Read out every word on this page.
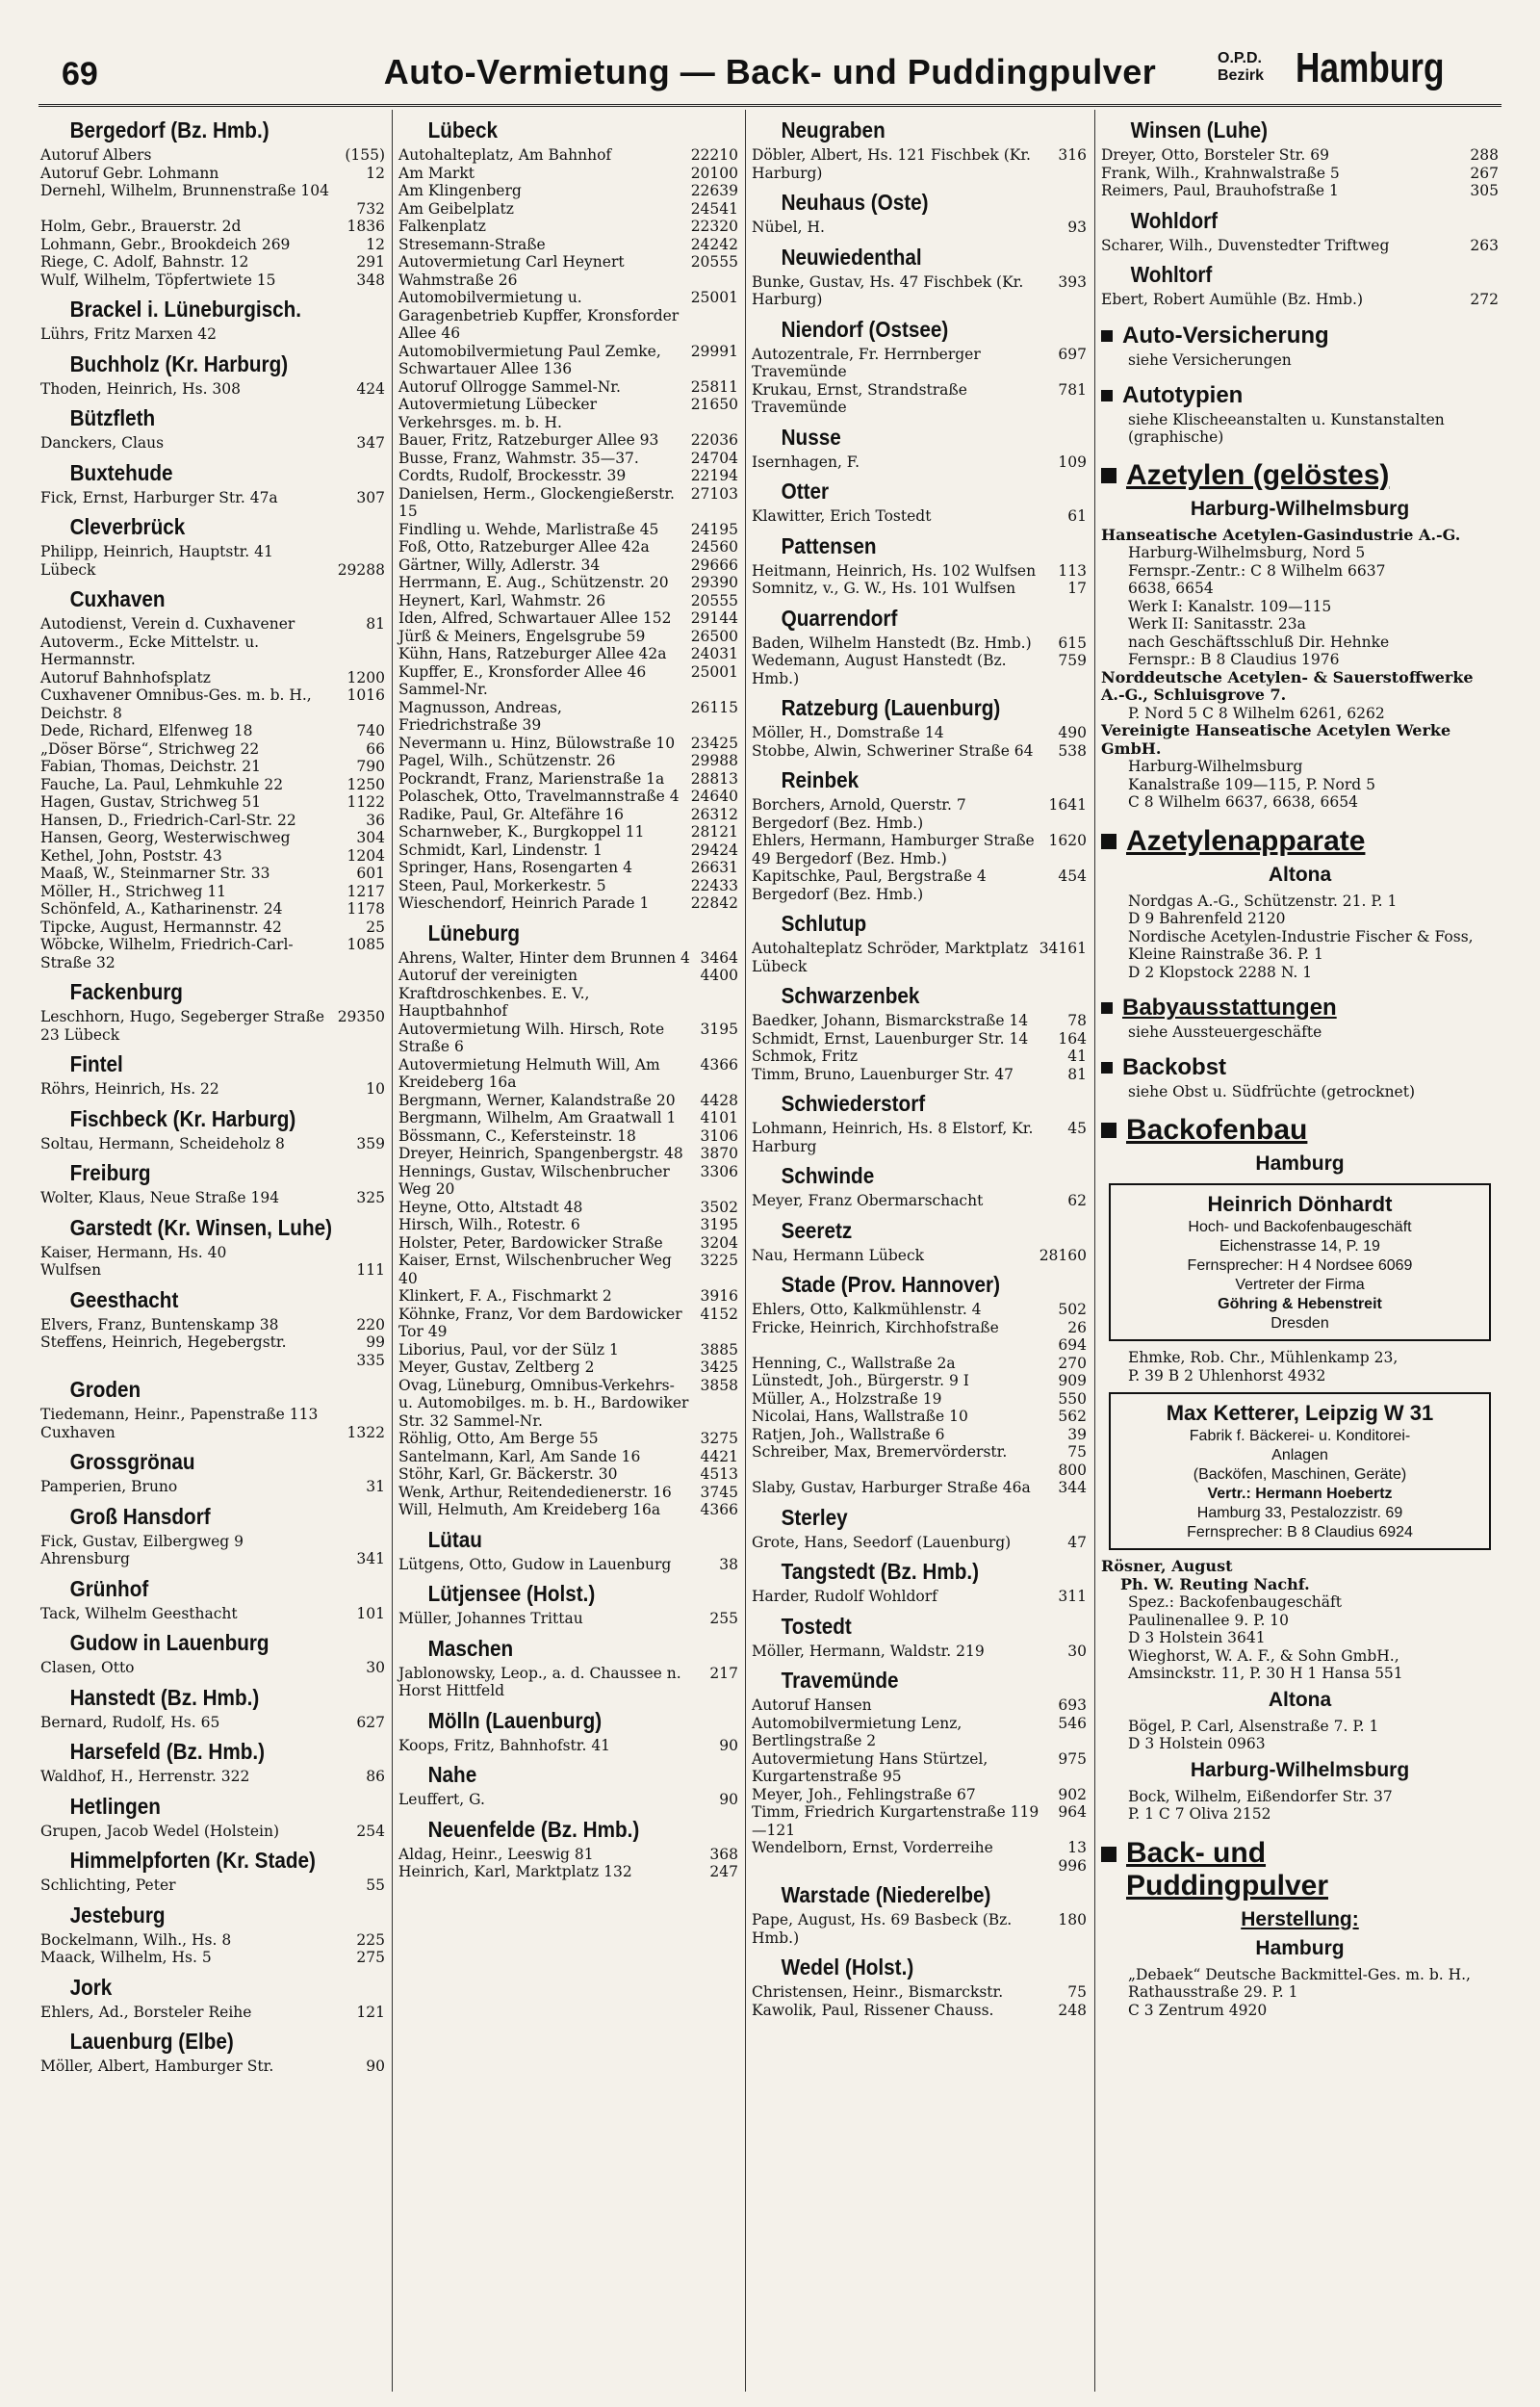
69	Auto-Vermietung — Back- und Puddingpulver	O.P.D.
Bezirk Hamburg
Bergedorf (Bz. Hmb.)
Autoruf Albers	(155)
Autoruf Gebr. Lohmann	12
Dernehl, Wilhelm, Brunnenstraße 104
732
Holm, Gebr., Brauerstr. 2d	1836
Lohmann, Gebr., Brookdeich 269	12
Riege, C. Adolf, Bahnstr. 12	291
Wulf, Wilhelm, Töpfertwiete 15	348
Brackel i. Lüneburgisch.
Lührs, Fritz Marxen 42
Buchholz (Kr. Harburg)
Thoden, Heinrich, Hs. 308	424
Bützfleth
Danckers, Claus	347
Buxtehude
Fick, Ernst, Harburger Str. 47a	307
Cleverbrück
Philipp, Heinrich, Hauptstr. 41
Lübeck	29288
Cuxhaven
Autodienst, Verein d. Cuxhavener Autoverm., Ecke Mittelstr. u. Hermannstr.
81
Autoruf Bahnhofsplatz	1200
Cuxhavener Omnibus-Ges. m. b. H., Deichstr. 8
1016
Dede, Richard, Elfenweg 18	740
„Döser Börse“, Strichweg 22	66
Fabian, Thomas, Deichstr. 21	790
Fauche, La. Paul, Lehmkuhle 22	1250
Hagen, Gustav, Strichweg 51	1122
Hansen, D., Friedrich-Carl-Str. 22	36
Hansen, Georg, Westerwischweg	304
Kethel, John, Poststr. 43	1204
Maaß, W., Steinmarner Str. 33	601
Möller, H., Strichweg 11	1217
Schönfeld, A., Katharinenstr. 24	1178
Tipcke, August, Hermannstr. 42	25
Wöbcke, Wilhelm, Friedrich-Carl-Straße 32
1085
Fackenburg
Leschhorn, Hugo, Segeberger Straße 23 Lübeck
29350
Fintel
Röhrs, Heinrich, Hs. 22	10
Fischbeck (Kr. Harburg)
Soltau, Hermann, Scheideholz 8	359
Freiburg
Wolter, Klaus, Neue Straße 194	325
Garstedt (Kr. Winsen, Luhe)
Kaiser, Hermann, Hs. 40
Wulfsen	111
Geesthacht
Elvers, Franz, Buntenskamp 38	220
Steffens, Heinrich, Hegebergstr.	99
335
Groden
Tiedemann, Heinr., Papenstraße 113
Cuxhaven	1322
Grossgrönau
Pamperien, Bruno	31
Groß Hansdorf
Fick, Gustav, Eilbergweg 9
Ahrensburg	341
Grünhof
Tack, Wilhelm Geesthacht	101
Gudow in Lauenburg
Clasen, Otto	30
Hanstedt (Bz. Hmb.)
Bernard, Rudolf, Hs. 65	627
Harsefeld (Bz. Hmb.)
Waldhof, H., Herrenstr. 322	86
Hetlingen
Grupen, Jacob Wedel (Holstein)	254
Himmelpforten (Kr. Stade)
Schlichting, Peter	55
Jesteburg
Bockelmann, Wilh., Hs. 8	225
Maack, Wilhelm, Hs. 5	275
Jork
Ehlers, Ad., Borsteler Reihe	121
Lauenburg (Elbe)
Möller, Albert, Hamburger Str.	90
Lübeck
Autohalteplatz, Am Bahnhof	22210
Am Markt	20100
Am Klingenberg	22639
Am Geibelplatz	24541
Falkenplatz	22320
Stresemann-Straße	24242
Autovermietung Carl Heynert Wahmstraße 26
20555
Automobilvermietung u. Garagenbetrieb Kupffer, Kronsforder Allee 46
25001
Automobilvermietung Paul Zemke, Schwartauer Allee 136
29991
Autoruf Ollrogge Sammel-Nr.	25811
Autovermietung Lübecker Verkehrsges. m. b. H.
21650
Bauer, Fritz, Ratzeburger Allee 93	22036
Busse, Franz, Wahmstr. 35—37.	24704
Cordts, Rudolf, Brockesstr. 39	22194
Danielsen, Herm., Glockengießerstr. 15
27103
Findling u. Wehde, Marlistraße 45	24195
Foß, Otto, Ratzeburger Allee 42a	24560
Gärtner, Willy, Adlerstr. 34	29666
Herrmann, E. Aug., Schützenstr. 20	29390
Heynert, Karl, Wahmstr. 26	20555
Iden, Alfred, Schwartauer Allee 152	29144
Jürß & Meiners, Engelsgrube 59	26500
Kühn, Hans, Ratzeburger Allee 42a	24031
Kupffer, E., Kronsforder Allee 46 Sammel-Nr.
25001
Magnusson, Andreas, Friedrichstraße 39
26115
Nevermann u. Hinz, Bülowstraße 10	23425
Pagel, Wilh., Schützenstr. 26	29988
Pockrandt, Franz, Marienstraße 1a	28813
Polaschek, Otto, Travelmannstraße 4 24640
Radike, Paul, Gr. Altefähre 16	26312
Scharnweber, K., Burgkoppel 11	28121
Schmidt, Karl, Lindenstr. 1	29424
Springer, Hans, Rosengarten 4	26631
Steen, Paul, Morkerkestr. 5	22433
Wieschendorf, Heinrich Parade 1	22842
Lüneburg
Ahrens, Walter, Hinter dem Brunnen 4 3464
Autoruf der vereinigten Kraftdroschkenbes. E. V., Hauptbahnhof
4400
Autovermietung Wilh. Hirsch, Rote Straße 6
3195
Autovermietung Helmuth Will, Am Kreideberg 16a
4366
Bergmann, Werner, Kalandstraße 20	4428
Bergmann, Wilhelm, Am Graatwall 1	4101
Bössmann, C., Kefersteinstr. 18	3106
Dreyer, Heinrich, Spangenbergstr. 48	3870
Hennings, Gustav, Wilschenbrucher Weg 20
3306
Heyne, Otto, Altstadt 48	3502
Hirsch, Wilh., Rotestr. 6	3195
Holster, Peter, Bardowicker Straße	3204
Kaiser, Ernst, Wilschenbrucher Weg 40
3225
Klinkert, F. A., Fischmarkt 2	3916
Köhnke, Franz, Vor dem Bardowicker Tor 49
4152
Liborius, Paul, vor der Sülz 1	3885
Meyer, Gustav, Zeltberg 2	3425
Ovag, Lüneburg, Omnibus-Verkehrs- u. Automobilges. m. b. H., Bardowiker Str. 32 Sammel-Nr.
3858
Röhlig, Otto, Am Berge 55	3275
Santelmann, Karl, Am Sande 16	4421
Stöhr, Karl, Gr. Bäckerstr. 30	4513
Wenk, Arthur, Reitendedienerstr. 16	3745
Will, Helmuth, Am Kreideberg 16a	4366
Lütau
Lütgens, Otto, Gudow in Lauenburg	38
Lütjensee (Holst.)
Müller, Johannes Trittau	255
Maschen
Jablonowsky, Leop., a. d. Chaussee n. Horst Hittfeld
217
Mölln (Lauenburg)
Koops, Fritz, Bahnhofstr. 41	90
Nahe
Leuffert, G.	90
Neuenfelde (Bz. Hmb.)
Aldag, Heinr., Leeswig 81	368
Heinrich, Karl, Marktplatz 132	247
Neugraben
Döbler, Albert, Hs. 121 Fischbek (Kr. Harburg)
316
Neuhaus (Oste)
Nübel, H.	93
Neuwiedenthal
Bunke, Gustav, Hs. 47 Fischbek (Kr. Harburg)
393
Niendorf (Ostsee)
Autozentrale, Fr. Herrnberger Travemünde
697
Krukau, Ernst, Strandstraße Travemünde
781
Nusse
Isernhagen, F.	109
Otter
Klawitter, Erich Tostedt	61
Pattensen
Heitmann, Heinrich, Hs. 102 Wulfsen	113
Somnitz, v., G. W., Hs. 101 Wulfsen	17
Quarrendorf
Baden, Wilhelm Hanstedt (Bz. Hmb.)	615
Wedemann, August Hanstedt (Bz. Hmb.)
759
Ratzeburg (Lauenburg)
Möller, H., Domstraße 14	490
Stobbe, Alwin, Schweriner Straße 64	538
Reinbek
Borchers, Arnold, Querstr. 7 Bergedorf (Bez. Hmb.)
1641
Ehlers, Hermann, Hamburger Straße 49 Bergedorf (Bez. Hmb.)
1620
Kapitschke, Paul, Bergstraße 4 Bergedorf (Bez. Hmb.)
454
Schlutup
Autohalteplatz Schröder, Marktplatz Lübeck
34161
Schwarzenbek
Baedker, Johann, Bismarckstraße 14	78
Schmidt, Ernst, Lauenburger Str. 14	164
Schmok, Fritz	41
Timm, Bruno, Lauenburger Str. 47	81
Schwiederstorf
Lohmann, Heinrich, Hs. 8 Elstorf, Kr. Harburg
45
Schwinde
Meyer, Franz Obermarschacht	62
Seeretz
Nau, Hermann Lübeck	28160
Stade (Prov. Hannover)
Ehlers, Otto, Kalkmühlenstr. 4	502
Fricke, Heinrich, Kirchhofstraße	26
694
Henning, C., Wallstraße 2a	270
Lünstedt, Joh., Bürgerstr. 9 I	909
Müller, A., Holzstraße 19	550
Nicolai, Hans, Wallstraße 10	562
Ratjen, Joh., Wallstraße 6	39
Schreiber, Max, Bremervörderstr.	75
800
Slaby, Gustav, Harburger Straße 46a	344
Sterley
Grote, Hans, Seedorf (Lauenburg)	47
Tangstedt (Bz. Hmb.)
Harder, Rudolf Wohldorf	311
Tostedt
Möller, Hermann, Waldstr. 219	30
Travemünde
Autoruf Hansen	693
Automobilvermietung Lenz, Bertlingstraße 2
546
Autovermietung Hans Stürtzel, Kurgartenstraße 95
975
Meyer, Joh., Fehlingstraße 67	902
Timm, Friedrich Kurgartenstraße 119—121
964
Wendelborn, Ernst, Vorderreihe	13
996
Warstade (Niederelbe)
Pape, August, Hs. 69 Basbeck (Bz. Hmb.)
180
Wedel (Holst.)
Christensen, Heinr., Bismarckstr.	75
Kawolik, Paul, Rissener Chauss.	248
Winsen (Luhe)
Dreyer, Otto, Borsteler Str. 69	288
Frank, Wilh., Krahnwalstraße 5	267
Reimers, Paul, Brauhofstraße 1	305
Wohldorf
Scharer, Wilh., Duvenstedter Triftweg	263
Wohltorf
Ebert, Robert Aumühle (Bz. Hmb.)	272
Auto-Versicherung
siehe Versicherungen
Autotypien
siehe Klischeeanstalten u. Kunstanstalten (graphische)
Azetylen (gelöstes)
Harburg-Wilhelmsburg
Hanseatische Acetylen-Gasindustrie A.-G.
Harburg-Wilhelmsburg, Nord 5
Fernspr.-Zentr.: C 8 Wilhelm 6637
6638, 6654
Werk I: Kanalstr. 109—115
Werk II: Sanitasstr. 23a
nach Geschäftsschluß Dir. Hehnke
Fernspr.: B 8 Claudius 1976
Norddeutsche Acetylen- & Sauerstoffwerke A.-G., Schluisgrove 7.
P. Nord 5 C 8 Wilhelm 6261, 6262
Vereinigte Hanseatische Acetylen Werke GmbH.
Harburg-Wilhelmsburg
Kanalstraße 109—115, P. Nord 5
C 8 Wilhelm 6637, 6638, 6654
Azetylenapparate
Altona
Nordgas A.-G., Schützenstr. 21. P. 1
D 9 Bahrenfeld 2120
Nordische Acetylen-Industrie Fischer & Foss, Kleine Rainstraße 36. P. 1
D 2 Klopstock 2288 N. 1
Babyausstattungen
siehe Aussteuergeschäfte
Backobst
siehe Obst u. Südfrüchte (getrocknet)
Backofenbau
Hamburg
Heinrich Dönhardt
Hoch- und Backofenbaugeschäft
Eichenstrasse 14, P. 19
Fernsprecher: H 4 Nordsee 6069
Vertreter der Firma
Göhring & Hebenstreit
Dresden
Ehmke, Rob. Chr., Mühlenkamp 23,
P. 39 B 2 Uhlenhorst 4932
Max Ketterer, Leipzig W 31
Fabrik f. Bäckerei- u. Konditorei-
Anlagen
(Backöfen, Maschinen, Geräte)
Vertr.: Hermann Hoebertz
Hamburg 33, Pestalozzistr. 69
Fernsprecher: B 8 Claudius 6924
Rösner, August
Ph. W. Reuting Nachf.
Spez.: Backofenbaugeschäft
Paulinenallee 9. P. 10
D 3 Holstein 3641
Wieghorst, W. A. F., & Sohn GmbH.,
Amsinckstr. 11, P. 30 H 1 Hansa 551
Altona
Bögel, P. Carl, Alsenstraße 7. P. 1
D 3 Holstein 0963
Harburg-Wilhelmsburg
Bock, Wilhelm, Eißendorfer Str. 37
P. 1 C 7 Oliva 2152
Back- und
Puddingpulver
Herstellung:
Hamburg
„Debaek“ Deutsche Backmittel-Ges. m. b. H., Rathausstraße 29. P. 1
C 3 Zentrum 4920
